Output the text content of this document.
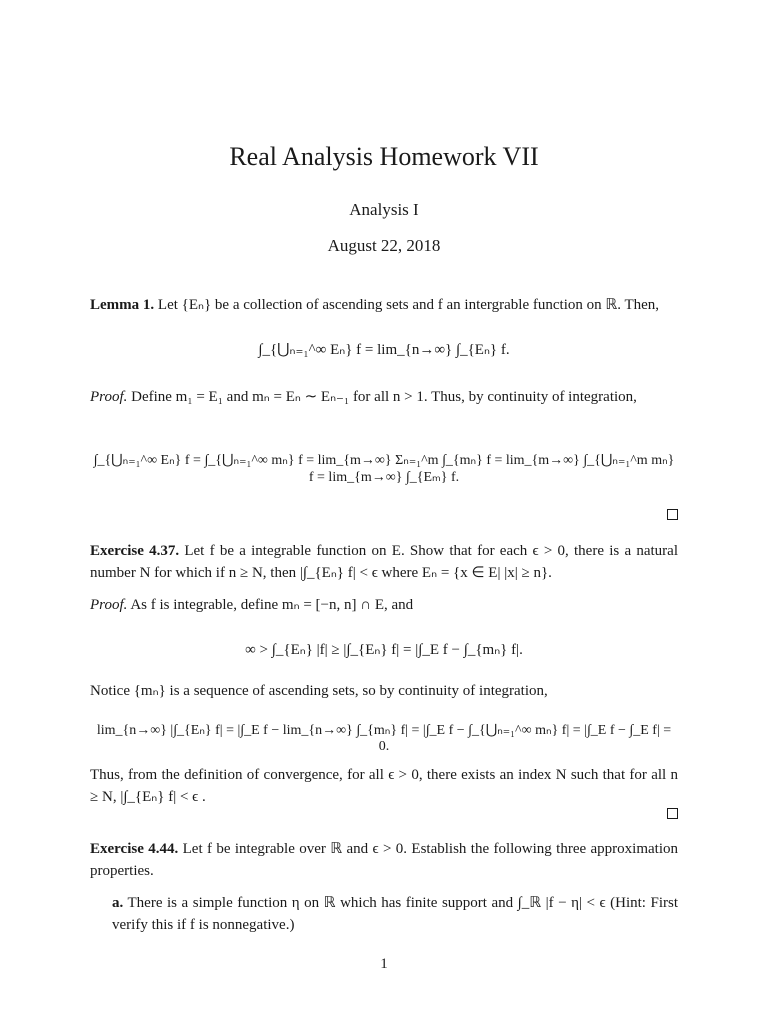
Real Analysis Homework VII
Analysis I
August 22, 2018
Lemma 1. Let {Eₙ} be a collection of ascending sets and f an intergrable function on ℝ. Then,
∫_{⋃ₙ₌₁^∞ Eₙ} f = lim_{n→∞} ∫_{Eₙ} f.
Proof. Define m₁ = E₁ and mₙ = Eₙ ∼ Eₙ₋₁ for all n > 1. Thus, by continuity of integration,
∫_{⋃ₙ₌₁^∞ Eₙ} f = ∫_{⋃ₙ₌₁^∞ mₙ} f = lim_{m→∞} Σₙ₌₁^m ∫_{mₙ} f = lim_{m→∞} ∫_{⋃ₙ₌₁^m mₙ} f = lim_{m→∞} ∫_{Eₘ} f.
Exercise 4.37. Let f be a integrable function on E. Show that for each ϵ > 0, there is a natural number N for which if n ≥ N, then |∫_{Eₙ} f| < ϵ where Eₙ = {x ∈ E| |x| ≥ n}.
Proof. As f is integrable, define mₙ = [−n, n] ∩ E, and
∞ > ∫_{Eₙ} |f| ≥ |∫_{Eₙ} f| = |∫_E f − ∫_{mₙ} f|.
Notice {mₙ} is a sequence of ascending sets, so by continuity of integration,
lim_{n→∞} |∫_{Eₙ} f| = |∫_E f − lim_{n→∞} ∫_{mₙ} f| = |∫_E f − ∫_{⋃ₙ₌₁^∞ mₙ} f| = |∫_E f − ∫_E f| = 0.
Thus, from the definition of convergence, for all ϵ > 0, there exists an index N such that for all n ≥ N, |∫_{Eₙ} f| < ϵ .
Exercise 4.44. Let f be integrable over ℝ and ϵ > 0. Establish the following three approximation properties.
a. There is a simple function η on ℝ which has finite support and ∫_ℝ |f − η| < ϵ (Hint: First verify this if f is nonnegative.)
1
